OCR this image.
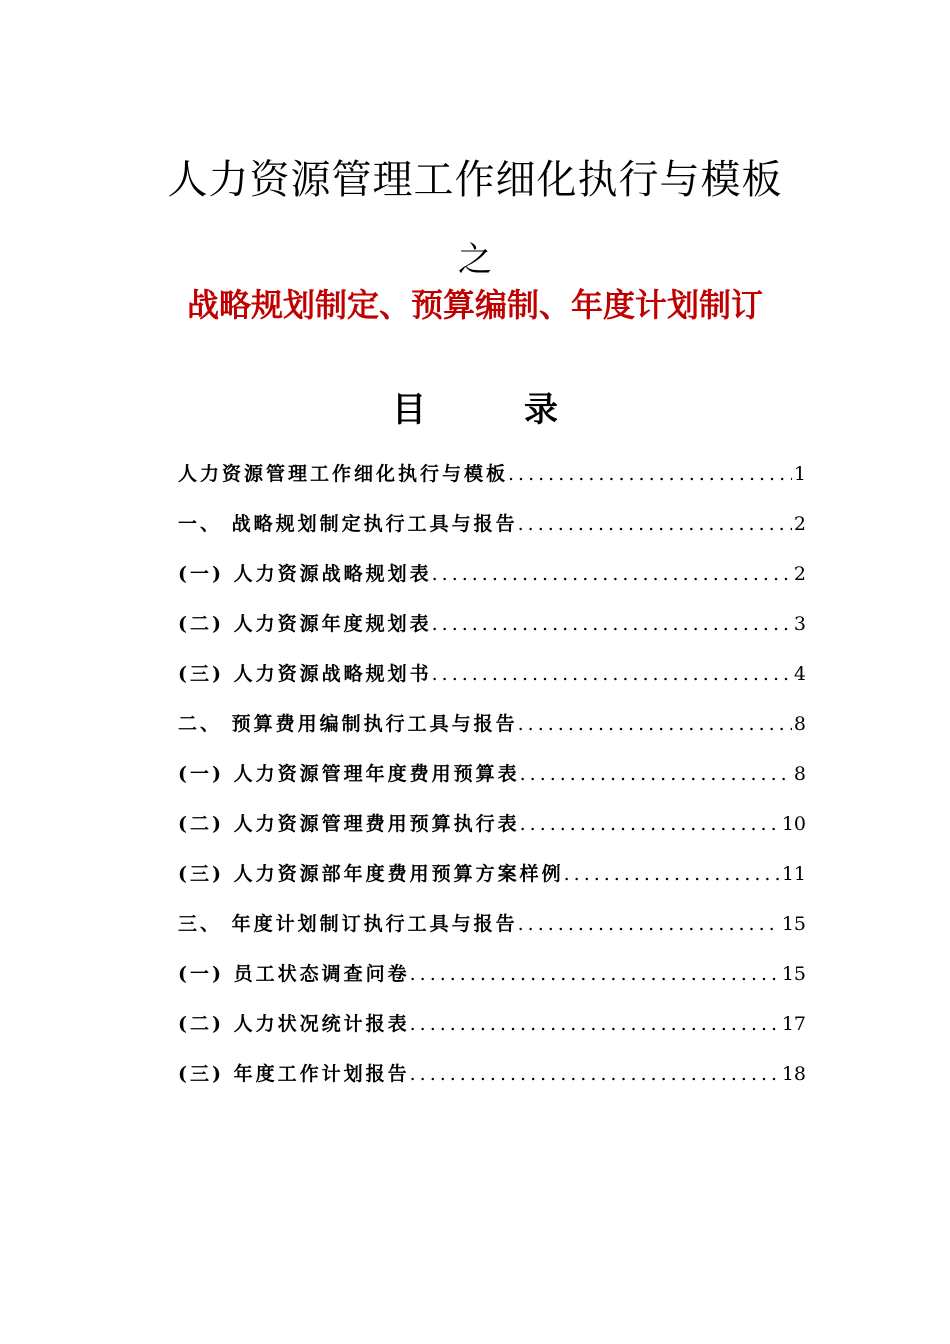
人力资源管理工作细化执行与模板
之
战略规划制定、预算编制、年度计划制订
目　录
人力资源管理工作细化执行与模板 .....	1
一、 战略规划制定执行工具与报告 .....	2
(一) 人力资源战略规划表 .....	2
(二) 人力资源年度规划表 .....	3
(三) 人力资源战略规划书 .....	4
二、 预算费用编制执行工具与报告 .....	8
(一) 人力资源管理年度费用预算表 .....	8
(二) 人力资源管理费用预算执行表 .....	10
(三) 人力资源部年度费用预算方案样例 .....	11
三、 年度计划制订执行工具与报告 .....	15
(一) 员工状态调查问卷 .....	15
(二) 人力状况统计报表 .....	17
(三) 年度工作计划报告 .....	18
